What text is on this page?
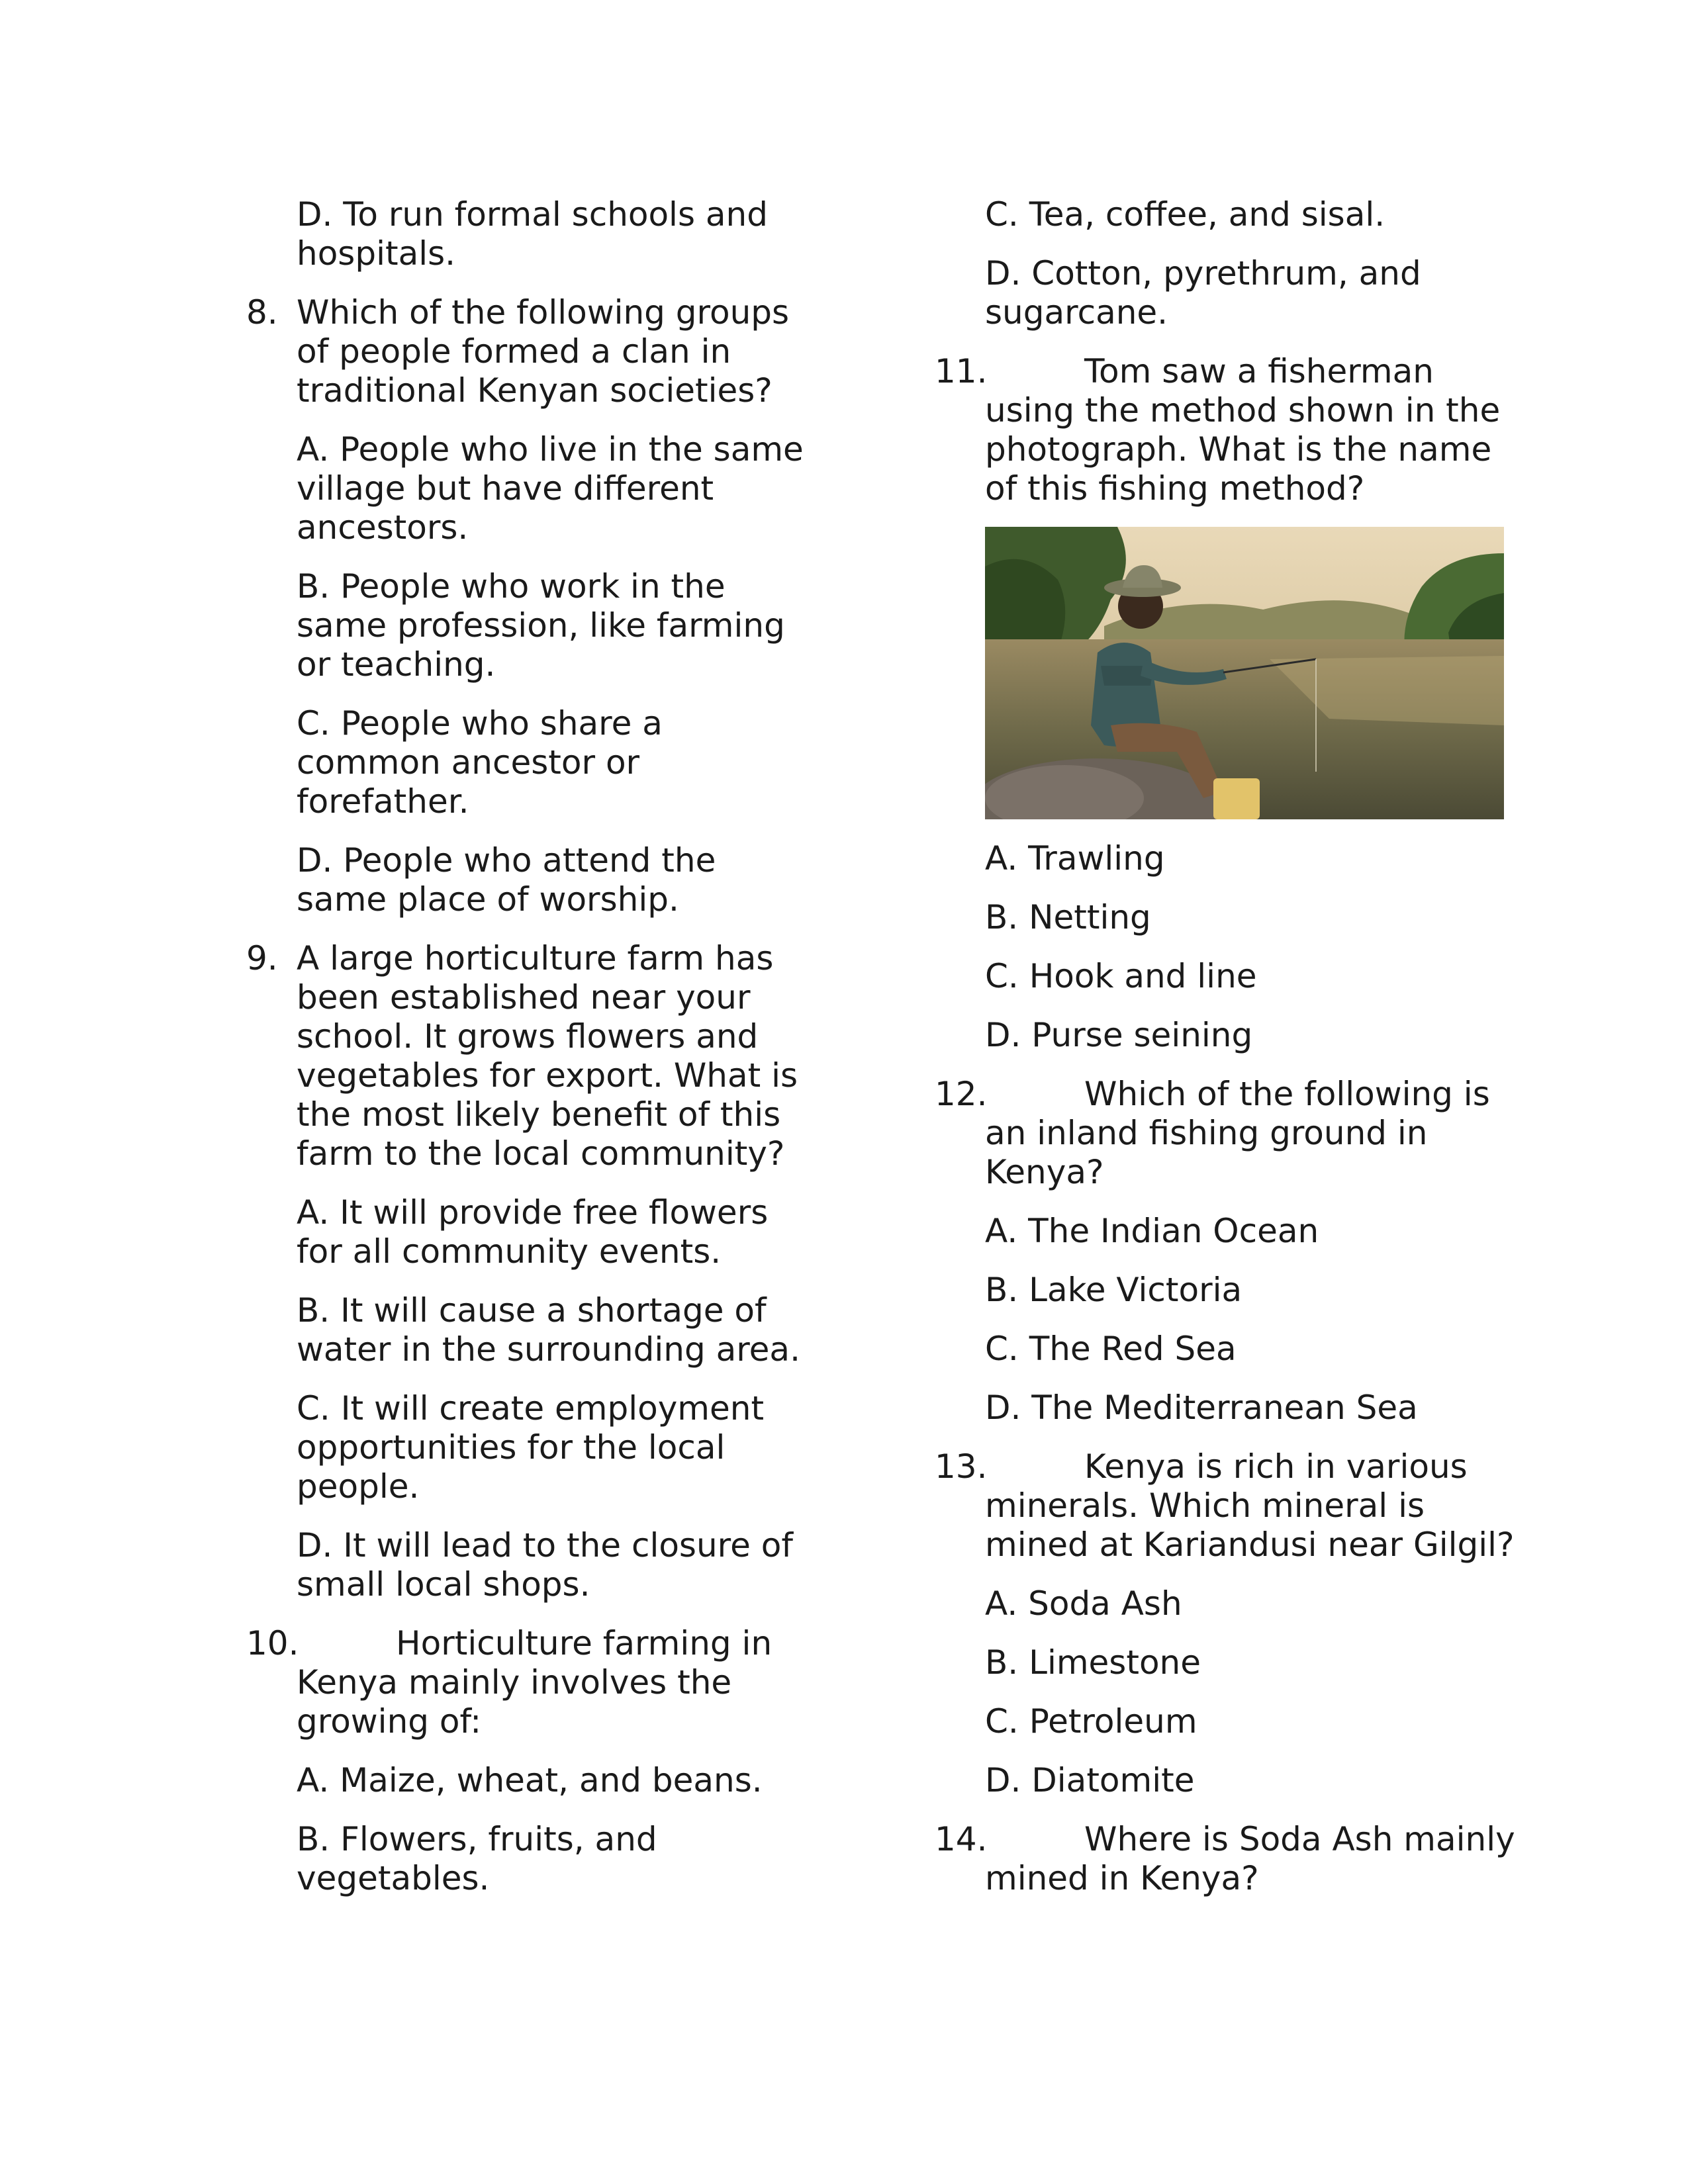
D. To run formal schools and hospitals.
8. Which of the following groups of people formed a clan in traditional Kenyan societies?
A. People who live in the same village but have different ancestors.
B. People who work in the same profession, like farming or teaching.
C. People who share a common ancestor or forefather.
D. People who attend the same place of worship.
9. A large horticulture farm has been established near your school. It grows flowers and vegetables for export. What is the most likely benefit of this farm to the local community?
A. It will provide free flowers for all community events.
B. It will cause a shortage of water in the surrounding area.
C. It will create employment opportunities for the local people.
D. It will lead to the closure of small local shops.
10.	Horticulture farming in Kenya mainly involves the growing of:
A. Maize, wheat, and beans.
B. Flowers, fruits, and vegetables.
C. Tea, coffee, and sisal.
D. Cotton, pyrethrum, and sugarcane.
11.	Tom saw a fisherman using the method shown in the photograph. What is the name of this fishing method?
A. Trawling
B. Netting
C. Hook and line
D. Purse seining
12.	Which of the following is an inland fishing ground in Kenya?
A. The Indian Ocean
B. Lake Victoria
C. The Red Sea
D. The Mediterranean Sea
13.	Kenya is rich in various minerals. Which mineral is mined at Kariandusi near Gilgil?
A. Soda Ash
B. Limestone
C. Petroleum
D. Diatomite
14.	Where is Soda Ash mainly mined in Kenya?
